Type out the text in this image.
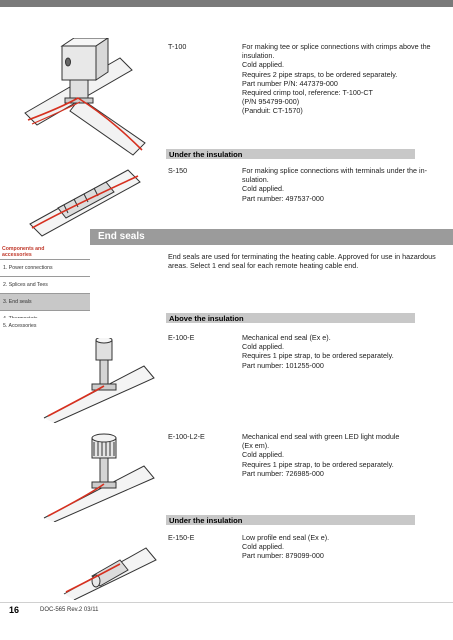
T-100	For making tee or splice connections with crimps above the
insulation.
Cold applied.
Requires 2 pipe straps, to be ordered separately.
Part number P/N: 447379-000
Required crimp tool, reference: T-100-CT
(P/N 954799-000)
(Panduit: CT-1570)
Under the insulation
S-150	For making splice connections with terminals under the in-
sulation.
Cold applied.
Part number: 497537-000
End seals
Components and
accessories
1. Power connections
2. Splices and Tees
3. End seals
5. Accessories
End seals are used for terminating the heating cable. Approved for use in hazardous
areas. Select 1 end seal for each remote heating cable end.
Above the insulation
E-100-E	Mechanical end seal (Ex e).
Cold applied.
Requires 1 pipe strap, to be ordered separately.
Part number: 101255-000
E-100-L2-E	Mechanical end seal with green LED light module
(Ex em).
Cold applied.
Requires 1 pipe strap, to be ordered separately.
Part number: 726985-000
Under the insulation
E-150-E	Low profile end seal (Ex e).
Cold applied.
Part number: 879099-000
16	DOC-565 Rev.2 03/11
